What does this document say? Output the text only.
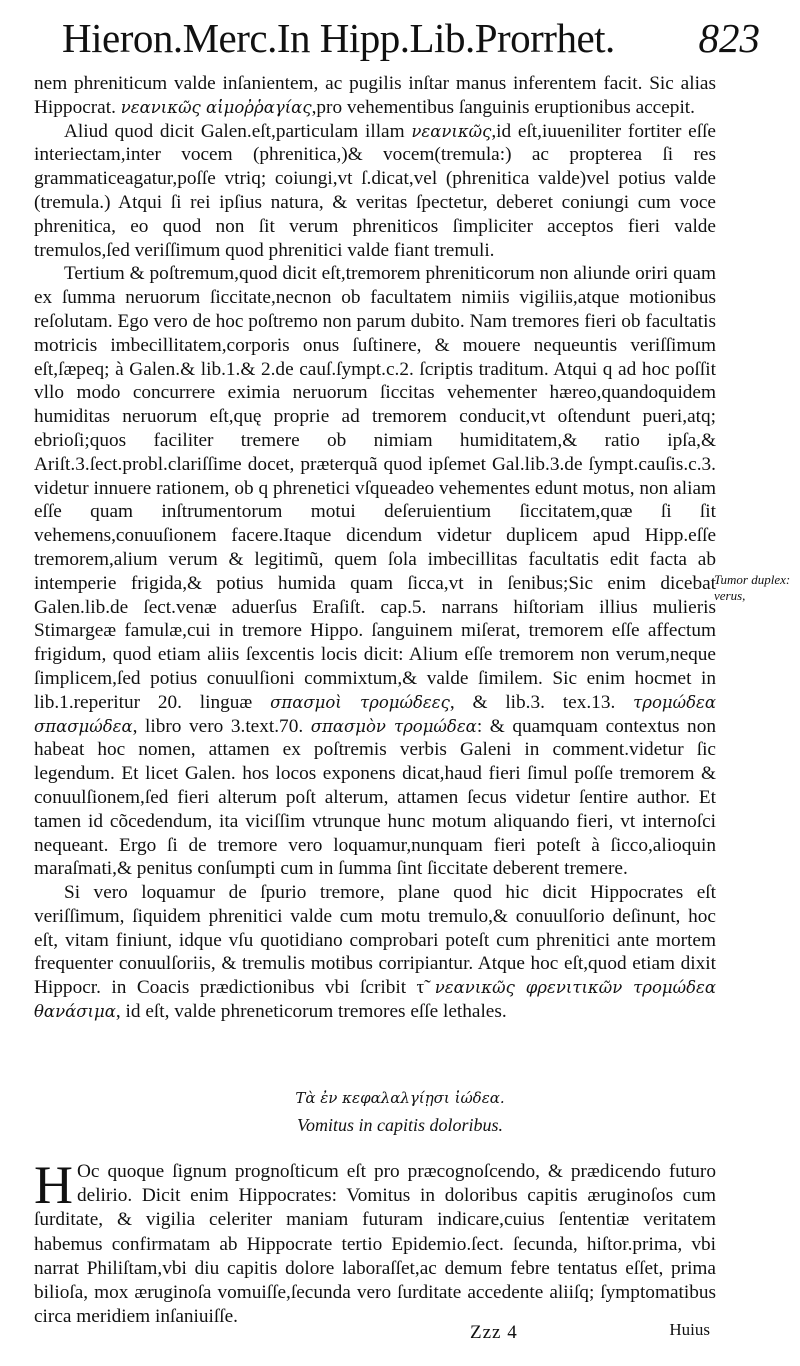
Hieron.Merc.In Hipp.Lib.Prorrhet. 823

nem phreniticum valde inſanientem, ac pugilis inſtar manus inferentem facit. Sic alias Hippocrat. νεανικῶς αἱμοῤῥαγίας,pro vehementibus ſanguinis eruptionibus accepit.

Aliud quod dicit Galen.eſt,particulam illam νεανικῶς,id eſt,iuueniliter fortiter eſſe interiectam,inter vocem (phrenitica,)& vocem(tremula:) ac propterea ſi res grammaticeagatur,poſſe vtriq; coiungi,vt ſ.dicat,vel (phrenitica valde)vel potius valde (tremula.) Atqui ſi rei ipſius natura, & veritas ſpectetur, deberet coniungi cum voce phrenitica, eo quod non ſit verum phreniticos ſimpliciter acceptos fieri valde tremulos,ſed veriſſimum quod phrenitici valde fiant tremuli.

Tertium & poſtremum,quod dicit eſt,tremorem phreniticorum non aliunde oriri quam ex ſumma neruorum ſiccitate,necnon ob facultatem nimiis vigiliis,atque motionibus reſolutam. Ego vero de hoc poſtremo non parum dubito. Nam tremores fieri ob facultatis motricis imbecillitatem,corporis onus ſuſtinere, & mouere nequeuntis veriſſimum eſt,ſæpeq; à Galen.& lib.1.& 2.de cauſ.ſympt.c.2. ſcriptis traditum. Atqui q ad hoc poſſit vllo modo concurrere eximia neruorum ſiccitas vehementer hæreo,quandoquidem humiditas neruorum eſt,quę proprie ad tremorem conducit,vt oſtendunt pueri,atq; ebrioſi;quos faciliter tremere ob nimiam humiditatem,& ratio ipſa,& Ariſt.3.ſect.probl.clariſſime docet, præterquã quod ipſemet Gal.lib.3.de ſympt.cauſis.c.3. videtur innuere rationem, ob q phrenetici vſqueadeo vehementes edunt motus, non aliam eſſe quam inſtrumentorum motui deſeruientium ſiccitatem,quæ ſi ſit vehemens,conuuſionem facere.Itaque dicendum videtur duplicem apud Hipp.eſſe tremorem,alium verum & legitimũ, quem ſola imbecillitas facultatis edit facta ab intemperie frigida,& potius humida quam ſicca,vt in ſenibus;Sic enim dicebat Galen.lib.de ſect.venæ aduerſus Eraſiſt. cap.5. narrans hiſtoriam illius mulieris Stimargeæ famulæ,cui in tremore Hippo. ſanguinem miſerat, tremorem eſſe affectum frigidum, quod etiam aliis ſexcentis locis dicit: Alium eſſe tremorem non verum,neque ſimplicem,ſed potius conuulſioni commixtum,& valde ſimilem. Sic enim hocmet in lib.1.reperitur 20. linguæ σπασμοὶ τρομώδεες, & lib.3. tex.13. τρομώδεα σπασμώδεα, libro vero 3.text.70. σπασμὸν τρομώδεα: & quamquam contextus non habeat hoc nomen, attamen ex poſtremis verbis Galeni in comment.videtur ſic legendum. Et licet Galen. hos locos exponens dicat,haud fieri ſimul poſſe tremorem & conuulſionem,ſed fieri alterum poſt alterum, attamen ſecus videtur ſentire author. Et tamen id cõcedendum, ita viciſſim vtrunque hunc motum aliquando fieri, vt internoſci nequeant. Ergo ſi de tremore vero loquamur,nunquam fieri poteſt à ſicco,alioquin maraſmati,& penitus conſumpti cum in ſumma ſint ſiccitate deberent tremere.

Si vero loquamur de ſpurio tremore, plane quod hic dicit Hippocrates eſt veriſſimum, ſiquidem phrenitici valde cum motu tremulo,& conuulſorio deſinunt, hoc eſt, vitam finiunt, idque vſu quotidiano comprobari poteſt cum phrenitici ante mortem frequenter conuulſoriis, & tremulis motibus corripiantur. Atque hoc eſt,quod etiam dixit Hippocr. in Coacis prædictionibus vbi ſcribit τ̃ νεανικῶς φρενιτικῶν τρομώδεα θανάσιμα, id eſt, valde phreneticorum tremores eſſe lethales.

Tumor duplex: verus,
Τὰ ἐν κεφαλαλγίῃσι ἰώδεα.
Vomitus in capitis doloribus.
H Oc quoque ſignum prognoſticum eſt pro præcognoſcendo, & prædicendo futuro delirio. Dicit enim Hippocrates: Vomitus in doloribus capitis æruginoſos cum ſurditate, & vigilia celeriter maniam futuram indicare,cuius ſententiæ veritatem habemus confirmatam ab Hippocrate tertio Epidemio.ſect. ſecunda, hiſtor.prima, vbi narrat Philiſtam,vbi diu capitis dolore laboraſſet,ac demum febre tentatus eſſet, prima bilioſa, mox æruginoſa vomuiſſe,ſecunda vero ſurditate accedente aliiſq; ſymptomatibus circa meridiem inſaniuiſſe.
Zzz 4	Huius
